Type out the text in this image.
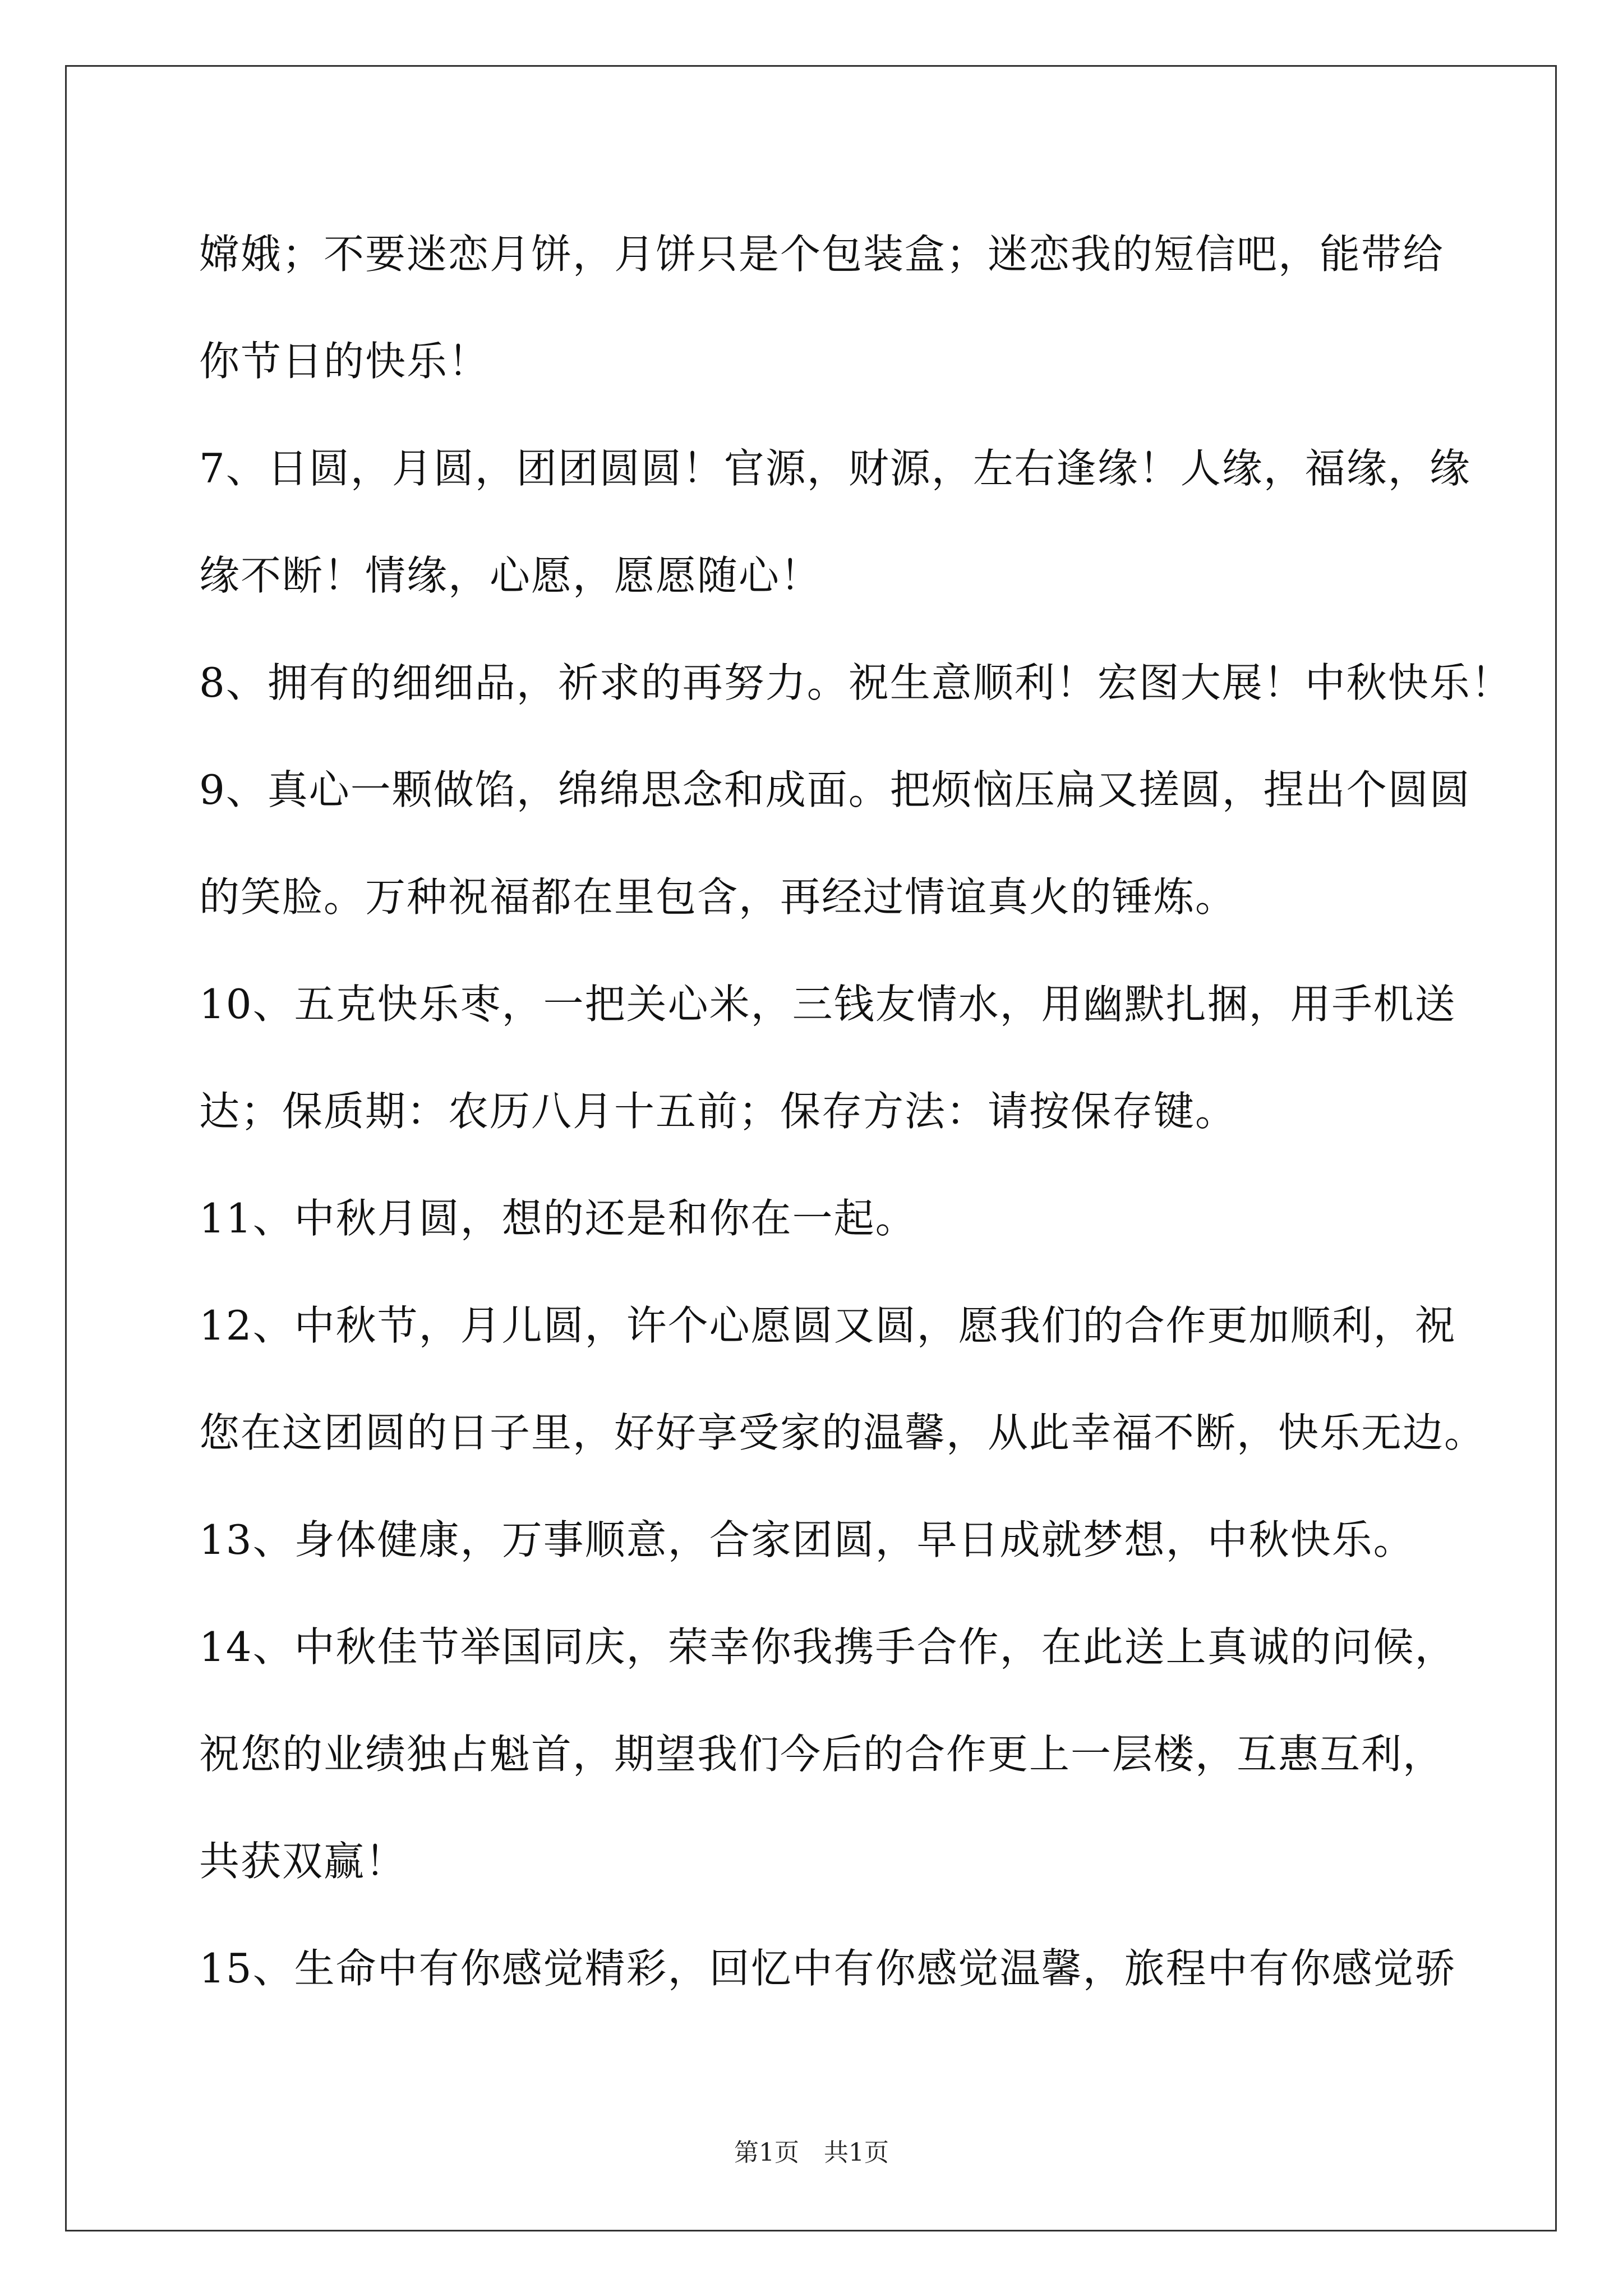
嫦娥；不要迷恋月饼，月饼只是个包装盒；迷恋我的短信吧，能带给
你节日的快乐！
7、日圆，月圆，团团圆圆！官源，财源，左右逢缘！人缘，福缘，缘
缘不断！情缘，心愿，愿愿随心！
8、拥有的细细品，祈求的再努力。祝生意顺利！宏图大展！中秋快乐！
9、真心一颗做馅，绵绵思念和成面。把烦恼压扁又搓圆，捏出个圆圆
的笑脸。万种祝福都在里包含，再经过情谊真火的锤炼。
10、五克快乐枣，一把关心米，三钱友情水，用幽默扎捆，用手机送
达；保质期：农历八月十五前；保存方法：请按保存键。
11、中秋月圆，想的还是和你在一起。
12、中秋节，月儿圆，许个心愿圆又圆，愿我们的合作更加顺利，祝
您在这团圆的日子里，好好享受家的温馨，从此幸福不断，快乐无边。
13、身体健康，万事顺意，合家团圆，早日成就梦想，中秋快乐。
14、中秋佳节举国同庆，荣幸你我携手合作，在此送上真诚的问候，
祝您的业绩独占魁首，期望我们今后的合作更上一层楼，互惠互利，
共获双赢！
15、生命中有你感觉精彩，回忆中有你感觉温馨，旅程中有你感觉骄
第1页　共1页
